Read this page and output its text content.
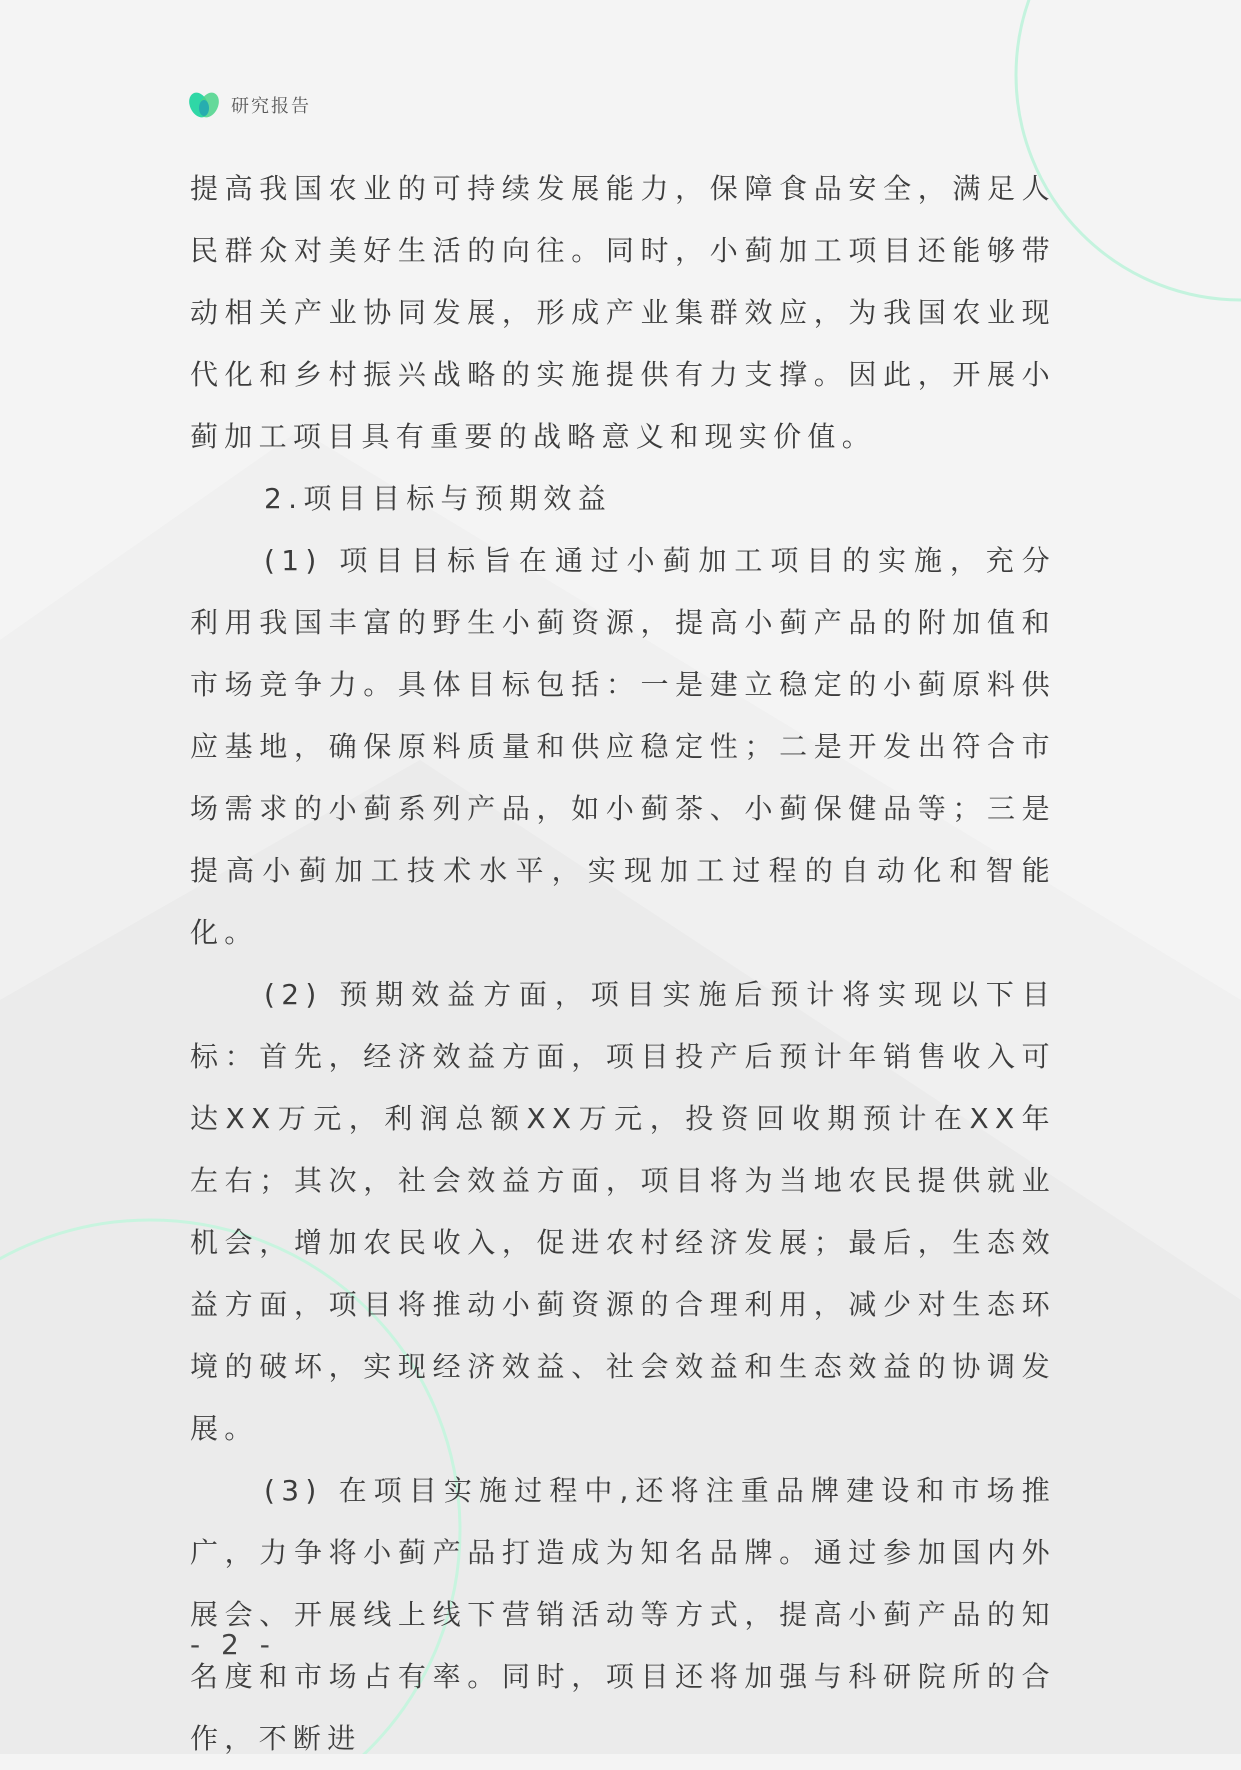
研究报告

提高我国农业的可持续发展能力，保障食品安全，满足人民群众对美好生活的向往。同时，小蓟加工项目还能够带动相关产业协同发展，形成产业集群效应，为我国农业现代化和乡村振兴战略的实施提供有力支撑。因此，开展小蓟加工项目具有重要的战略意义和现实价值。

2.项目目标与预期效益

(1) 项目目标旨在通过小蓟加工项目的实施，充分利用我国丰富的野生小蓟资源，提高小蓟产品的附加值和市场竞争力。具体目标包括：一是建立稳定的小蓟原料供应基地，确保原料质量和供应稳定性；二是开发出符合市场需求的小蓟系列产品，如小蓟茶、小蓟保健品等；三是提高小蓟加工技术水平，实现加工过程的自动化和智能化。

(2) 预期效益方面，项目实施后预计将实现以下目标：首先，经济效益方面，项目投产后预计年销售收入可达XX万元，利润总额XX万元，投资回收期预计在XX年左右；其次，社会效益方面，项目将为当地农民提供就业机会，增加农民收入，促进农村经济发展；最后，生态效益方面，项目将推动小蓟资源的合理利用，减少对生态环境的破坏，实现经济效益、社会效益和生态效益的协调发展。

(3) 在项目实施过程中,还将注重品牌建设和市场推广，力争将小蓟产品打造成为知名品牌。通过参加国内外展会、开展线上线下营销活动等方式，提高小蓟产品的知名度和市场占有率。同时，项目还将加强与科研院所的合作，不断进

- 2 -
